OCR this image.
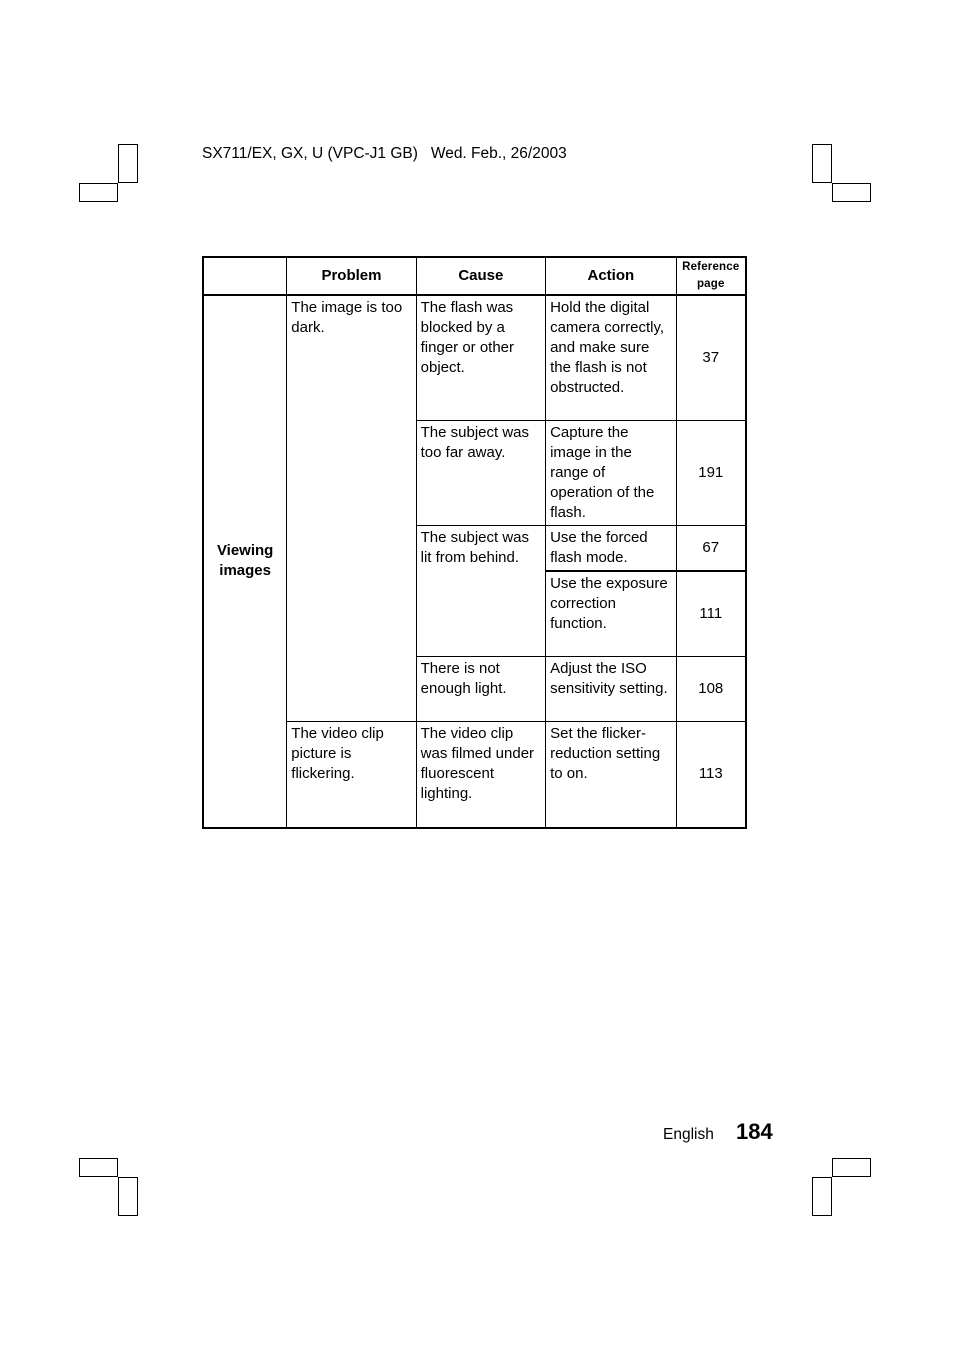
SX711/EX, GX, U (VPC-J1 GB) Wed. Feb., 26/2003
	Problem	Cause	Action	Reference
page
Viewing
images	The image is too dark.	The flash was blocked by a finger or other object.	Hold the digital camera correctly, and make sure the flash is not obstructed.	37
		The subject was too far away.	Capture the image in the range of operation of the flash.	191
		The subject was lit from behind.	Use the forced flash mode.	67
			Use the exposure correction function.	111
		There is not enough light.	Adjust the ISO sensitivity setting.	108
	The video clip picture is flickering.	The video clip was filmed under fluorescent lighting.	Set the flicker-reduction setting to on.	113
English 184
